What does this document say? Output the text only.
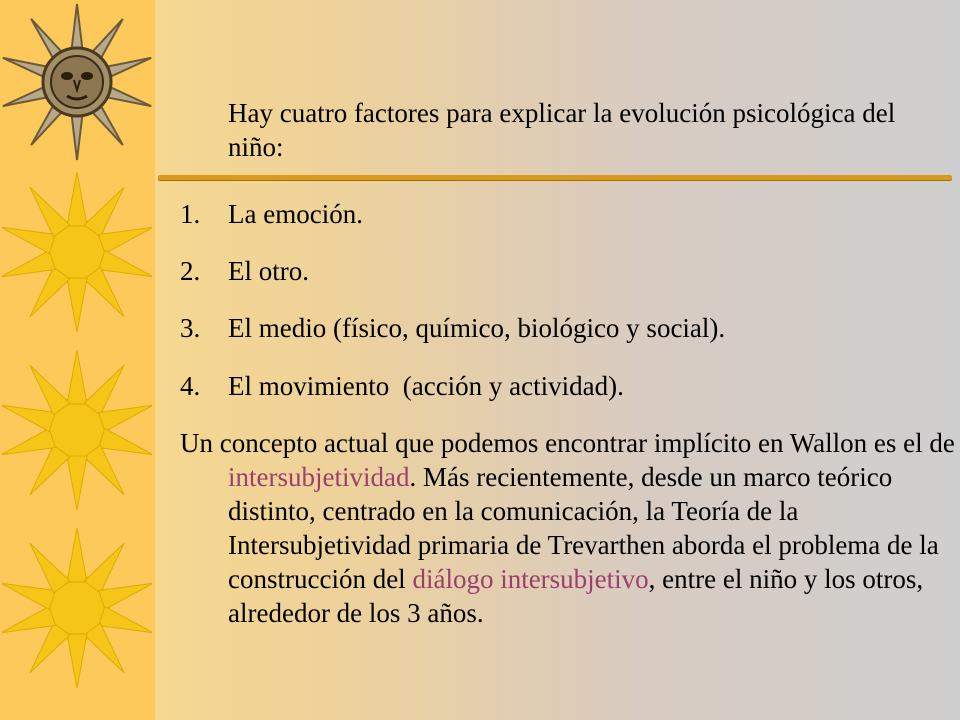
Hay cuatro factores para explicar la evolución psicológica del niño:
1. La emoción.
2. El otro.
3. El medio (físico, químico, biológico y social).
4. El movimiento  (acción y actividad).
Un concepto actual que podemos encontrar implícito en Wallon es el de intersubjetividad. Más recientemente, desde un marco teórico distinto, centrado en la comunicación, la Teoría de la Intersubjetividad primaria de Trevarthen aborda el problema de la construcción del diálogo intersubjetivo, entre el niño y los otros, alrededor de los 3 años.
